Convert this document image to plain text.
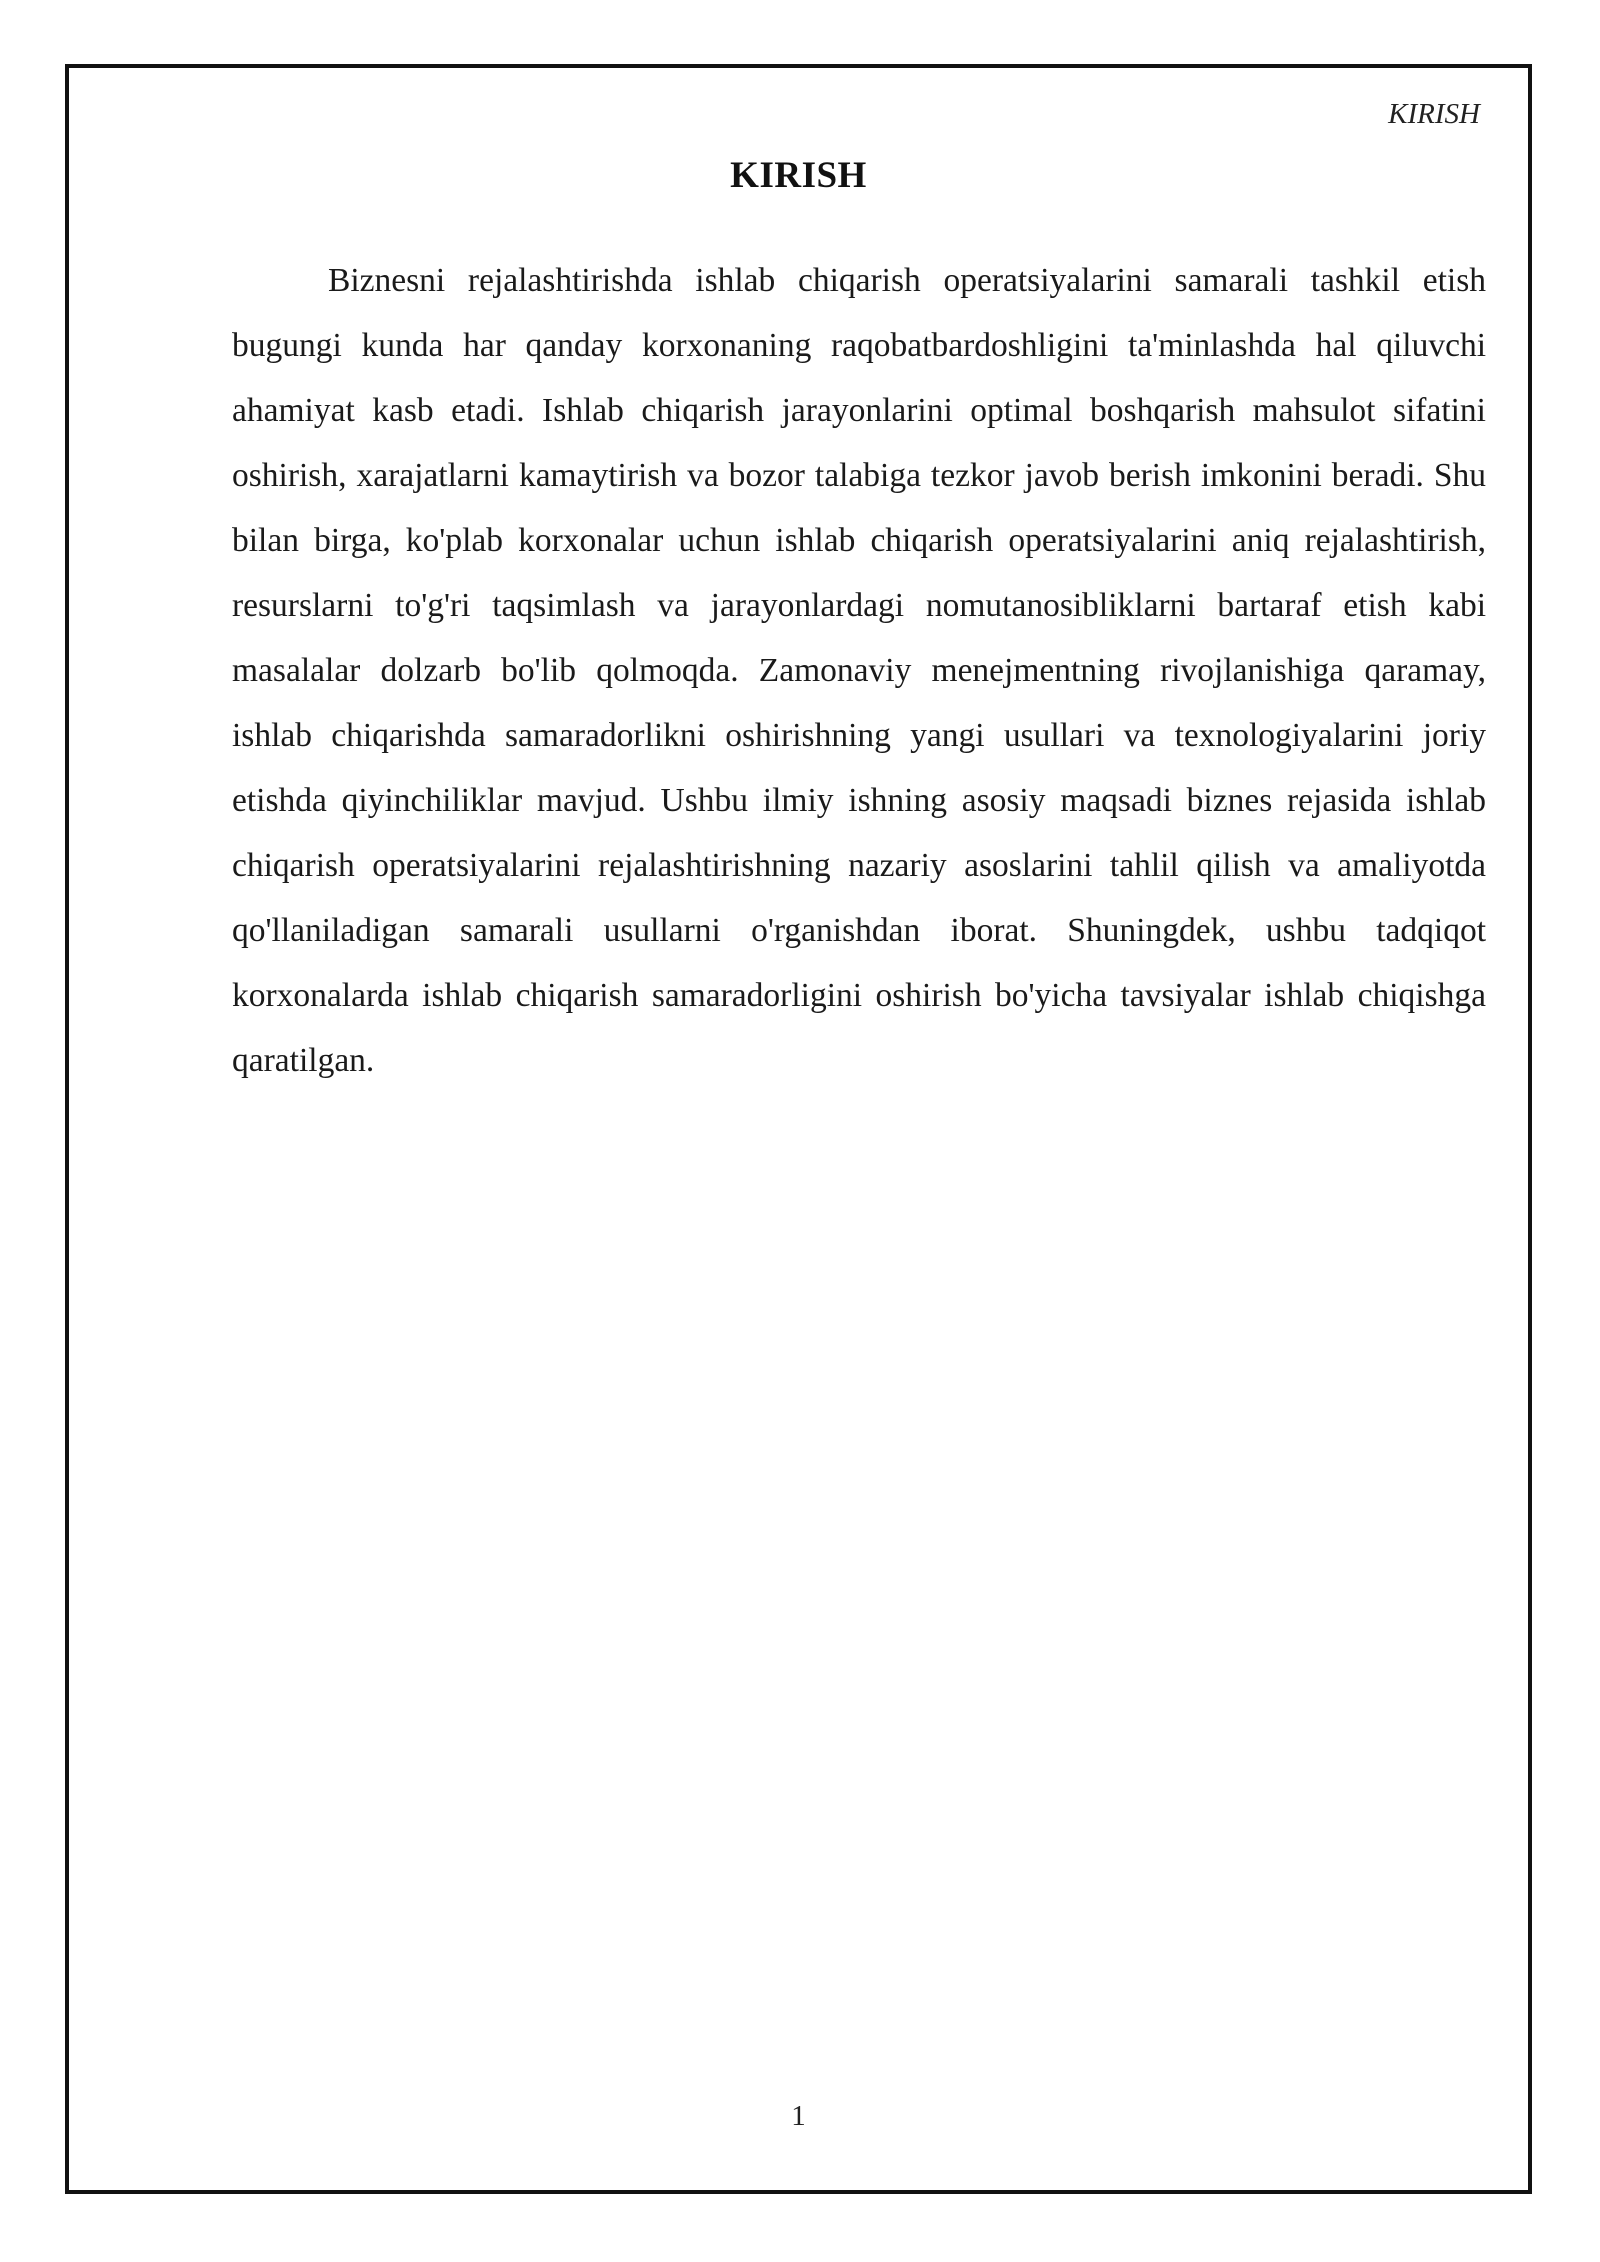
KIRISH
KIRISH

Biznesni rejalashtirishda ishlab chiqarish operatsiyalarini samarali tashkil etish bugungi kunda har qanday korxonaning raqobatbardoshligini ta'minlashda hal qiluvchi ahamiyat kasb etadi. Ishlab chiqarish jarayonlarini optimal boshqarish mahsulot sifatini oshirish, xarajatlarni kamaytirish va bozor talabiga tezkor javob berish imkonini beradi. Shu bilan birga, ko'plab korxonalar uchun ishlab chiqarish operatsiyalarini aniq rejalashtirish, resurslarni to'g'ri taqsimlash va jarayonlardagi nomutanosibliklarni bartaraf etish kabi masalalar dolzarb bo'lib qolmoqda. Zamonaviy menejmentning rivojlanishiga qaramay, ishlab chiqarishda samaradorlikni oshirishning yangi usullari va texnologiyalarini joriy etishda qiyinchiliklar mavjud. Ushbu ilmiy ishning asosiy maqsadi biznes rejasida ishlab chiqarish operatsiyalarini rejalashtirishning nazariy asoslarini tahlil qilish va amaliyotda qo'llaniladigan samarali usullarni o'rganishdan iborat. Shuningdek, ushbu tadqiqot korxonalarda ishlab chiqarish samaradorligini oshirish bo'yicha tavsiyalar ishlab chiqishga qaratilgan.

1
